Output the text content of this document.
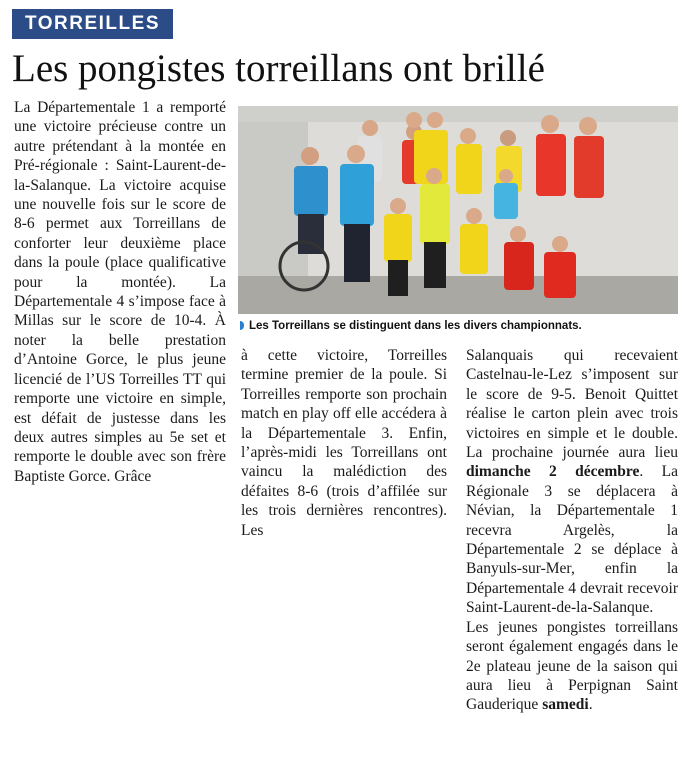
TORREILLES
Les pongistes torreillans ont brillé

La Départementale 1 a remporté une victoire précieuse contre un autre prétendant à la montée en Pré-régionale : Saint-Laurent-de-la-Salanque. La victoire acquise une nouvelle fois sur le score de 8-6 permet aux Torreillans de conforter leur deuxième place dans la poule (place qualificative pour la montée). La Départementale 4 s’impose face à Millas sur le score de 10-4. À noter la belle prestation d’Antoine Gorce, le plus jeune licencié de l’US Torreilles TT qui remporte une victoire en simple, est défait de justesse dans les deux autres simples au 5e set et remporte le double avec son frère Baptiste Gorce. Grâce

Les Torreillans se distinguent dans les divers championnats.

à cette victoire, Torreilles termine premier de la poule. Si Torreilles remporte son prochain match en play off elle accédera à la Départementale 3. Enfin, l’après-midi les Torreillans ont vaincu la malédiction des défaites 8-6 (trois d’affilée sur les trois dernières rencontres). Les

Salanquais qui recevaient Castelnau-le-Lez s’imposent sur le score de 9-5. Benoit Quittet réalise le carton plein avec trois victoires en simple et le double. La prochaine journée aura lieu dimanche 2 décembre. La Régionale 3 se déplacera à Névian, la Départementale 1 recevra Argelès, la Départementale 2 se déplace à Banyuls-sur-Mer, enfin la Départementale 4 devrait recevoir Saint-Laurent-de-la-Salanque. Les jeunes pongistes torreillans seront également engagés dans le 2e plateau jeune de la saison qui aura lieu à Perpignan Saint Gauderique samedi.
